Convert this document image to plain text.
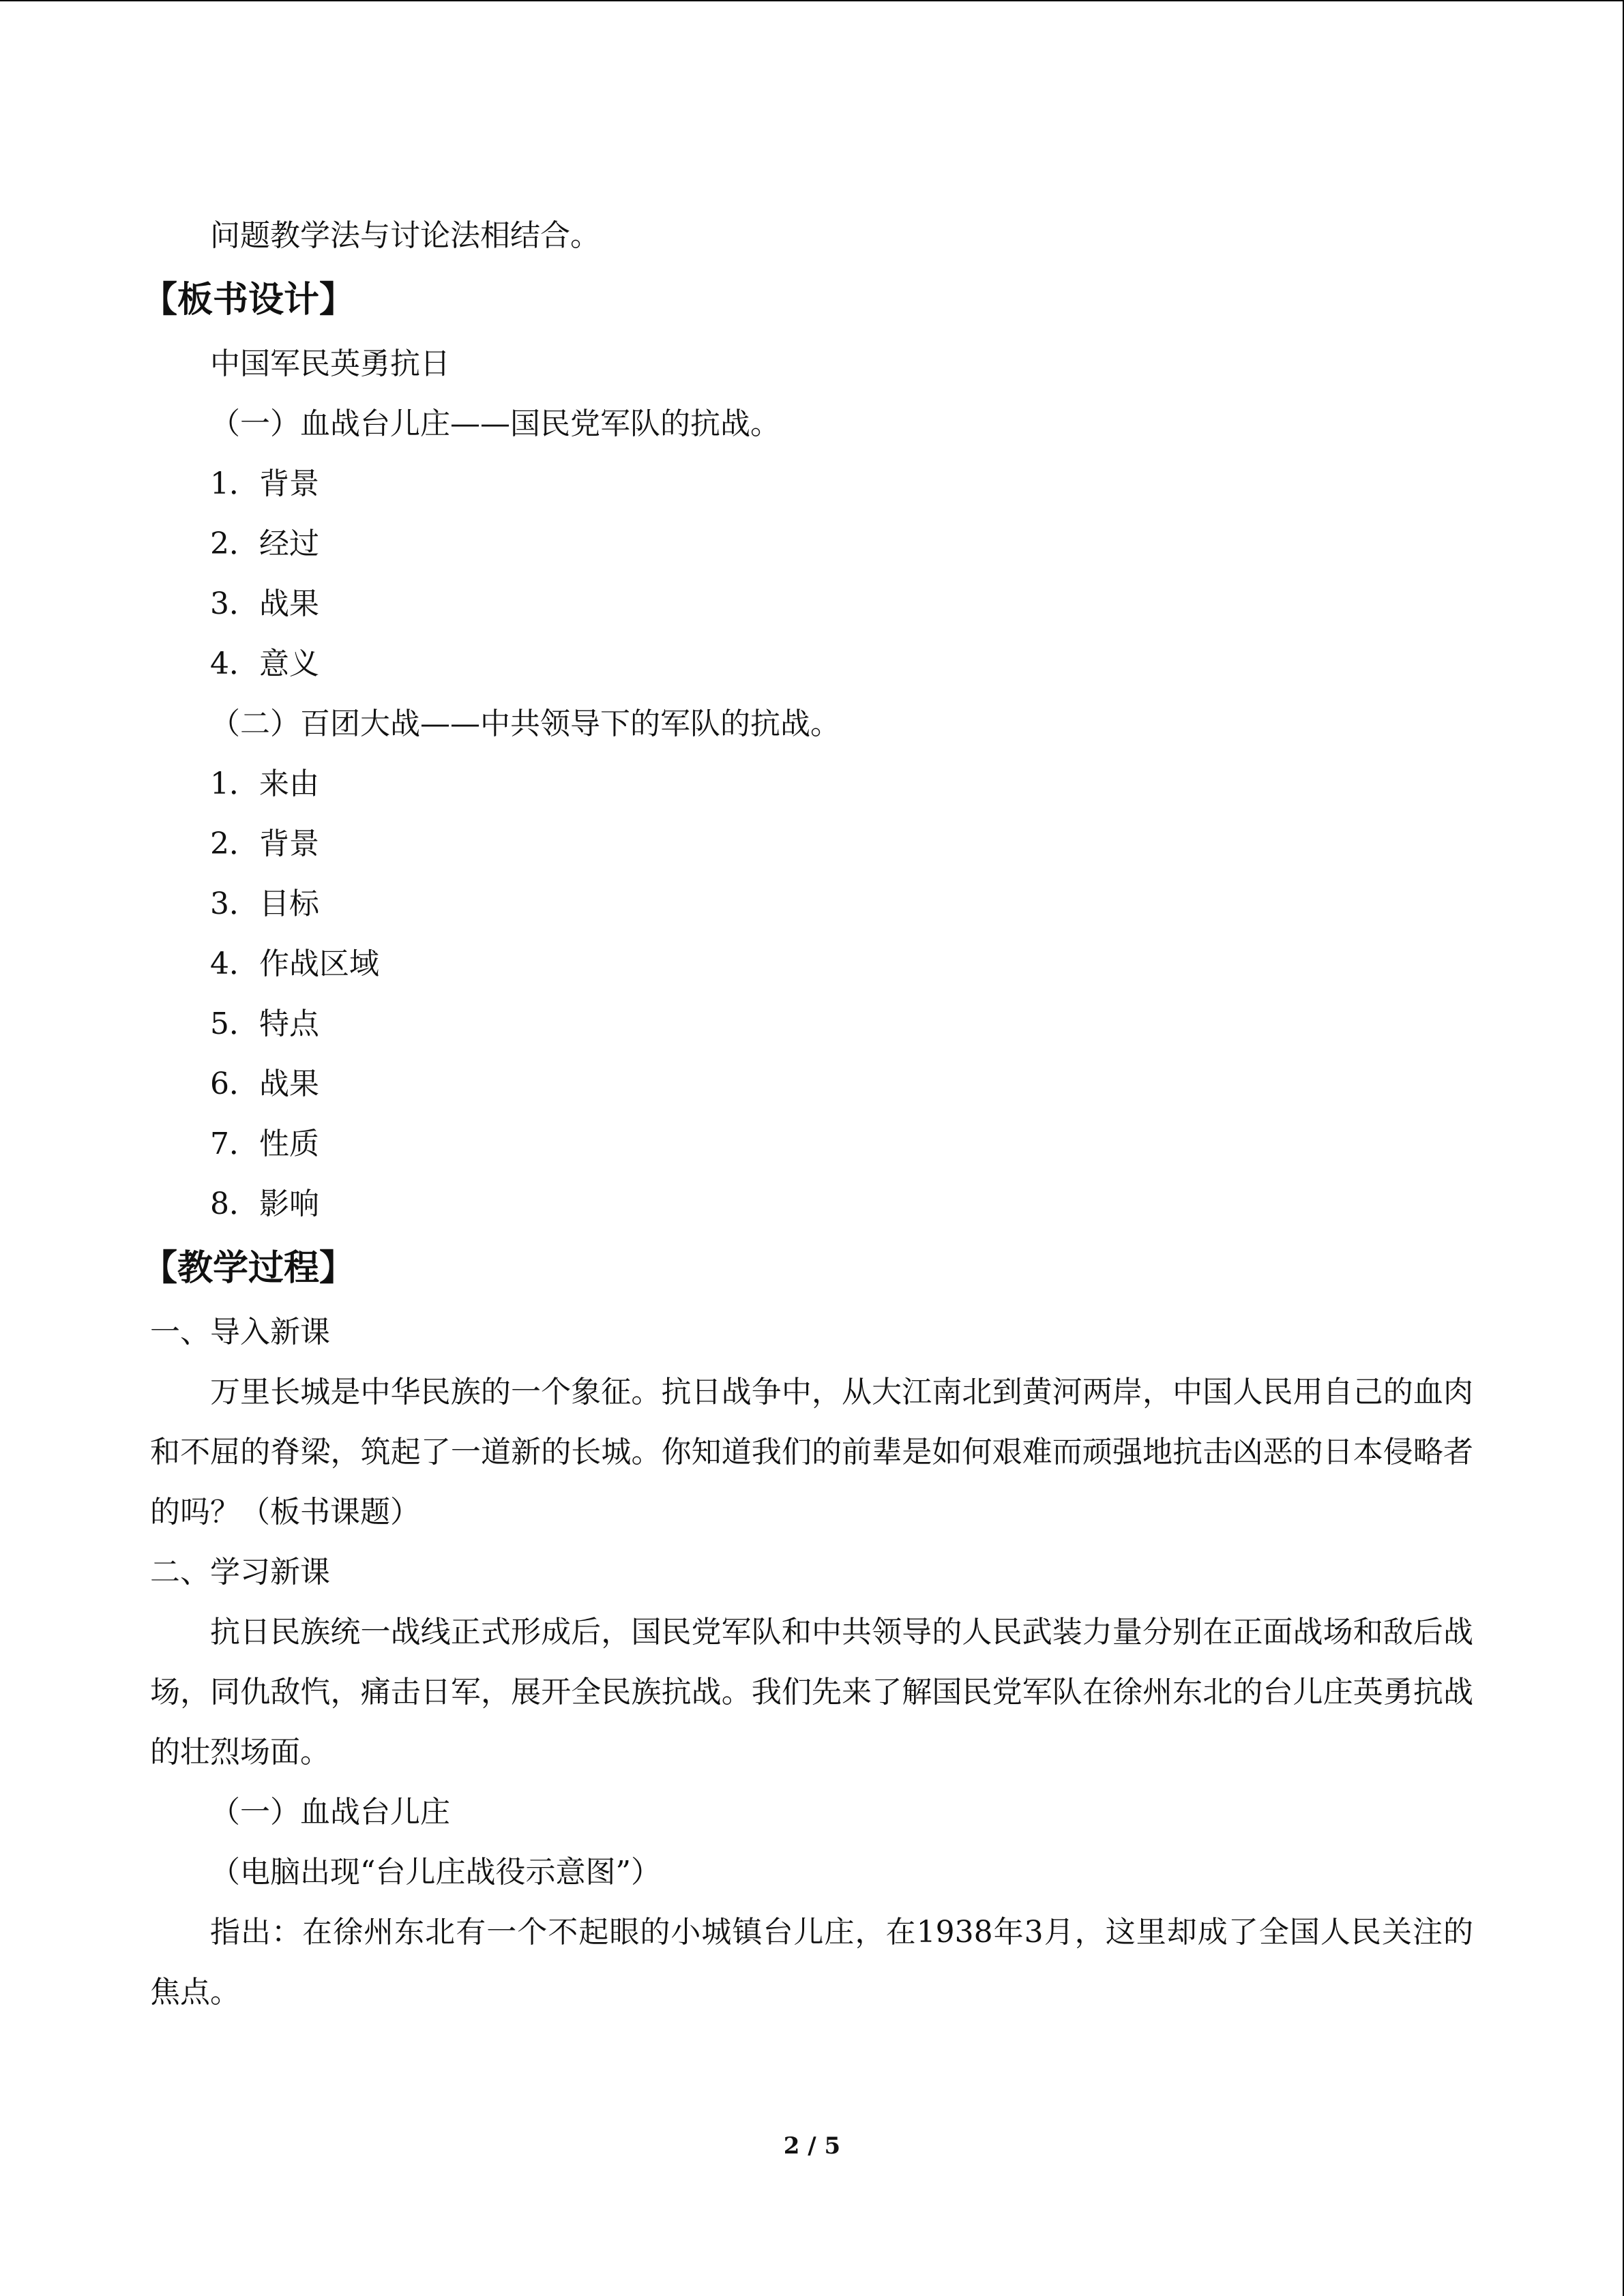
问题教学法与讨论法相结合。

【板书设计】

中国军民英勇抗日

（一）血战台儿庄——国民党军队的抗战。

1．背景

2．经过

3．战果

4．意义

（二）百团大战——中共领导下的军队的抗战。

1．来由

2．背景

3．目标

4．作战区域

5．特点

6．战果

7．性质

8．影响

【教学过程】

一、导入新课

万里长城是中华民族的一个象征。抗日战争中，从大江南北到黄河两岸，中国人民用自己的血肉和不屈的脊梁，筑起了一道新的长城。你知道我们的前辈是如何艰难而顽强地抗击凶恶的日本侵略者的吗？（板书课题）

二、学习新课

抗日民族统一战线正式形成后，国民党军队和中共领导的人民武装力量分别在正面战场和敌后战场，同仇敌忾，痛击日军，展开全民族抗战。我们先来了解国民党军队在徐州东北的台儿庄英勇抗战的壮烈场面。

（一）血战台儿庄

（电脑出现“台儿庄战役示意图”）

指出：在徐州东北有一个不起眼的小城镇台儿庄，在1938年3月，这里却成了全国人民关注的焦点。

2 / 5
